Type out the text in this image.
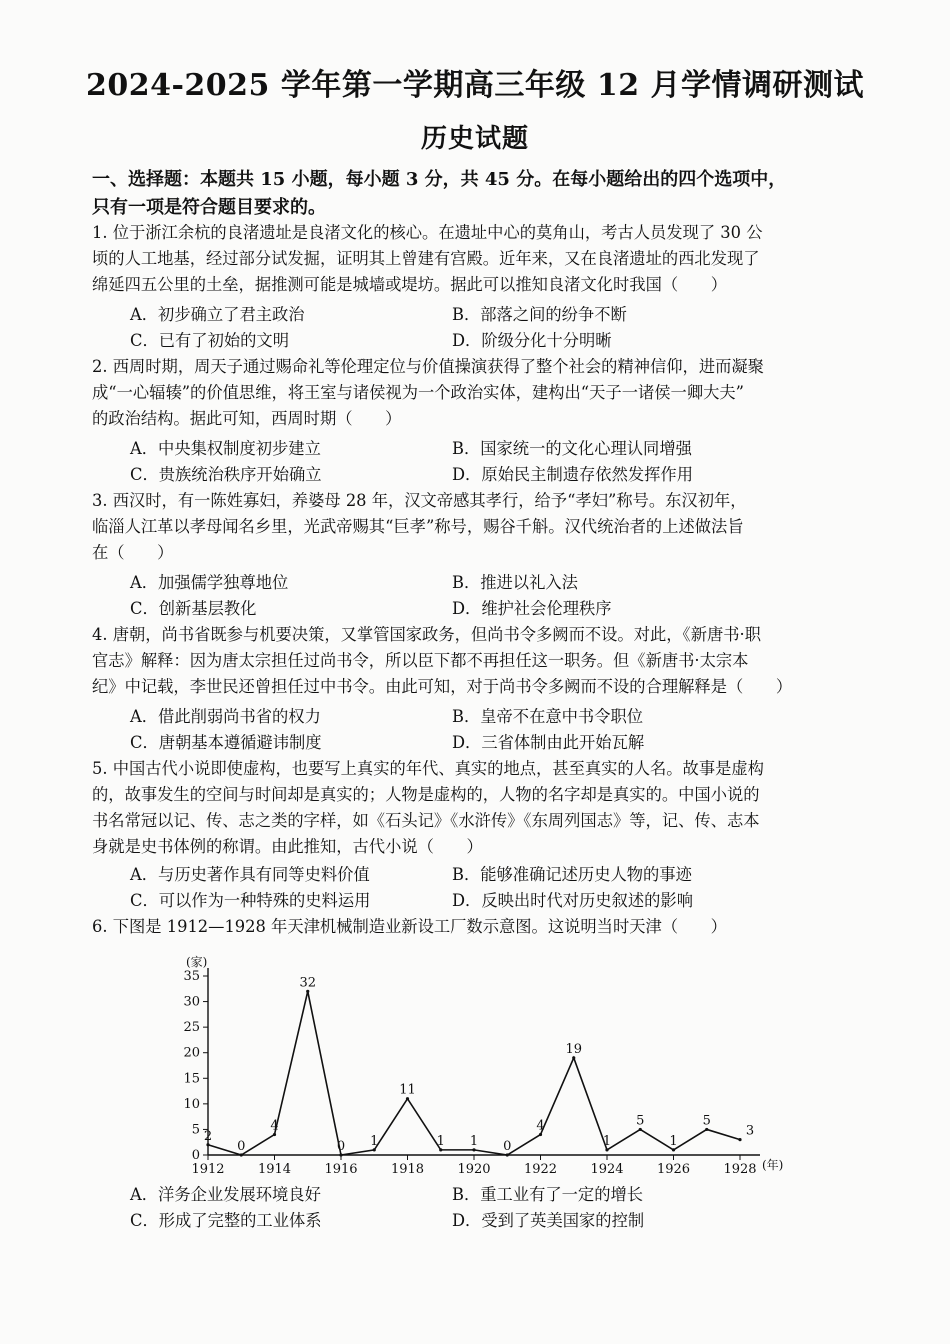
2024-2025 学年第一学期高三年级 12 月学情调研测试
历史试题
一、选择题：本题共 15 小题，每小题 3 分，共 45 分。在每小题给出的四个选项中，
只有一项是符合题目要求的。
1. 位于浙江余杭的良渚遗址是良渚文化的核心。在遗址中心的莫角山，考古人员发现了 30 公
顷的人工地基，经过部分试发掘，证明其上曾建有宫殿。近年来，又在良渚遗址的西北发现了
绵延四五公里的土垒，据推测可能是城墙或堤坊。据此可以推知良渚文化时我国（　　）
A．初步确立了君主政治	B．部落之间的纷争不断
C．已有了初始的文明	D．阶级分化十分明晰
2. 西周时期，周天子通过赐命礼等伦理定位与价值操演获得了整个社会的精神信仰，进而凝聚
成“一心辐辏”的价值思维，将王室与诸侯视为一个政治实体，建构出“天子一诸侯一卿大夫”
的政治结构。据此可知，西周时期（　　）
A．中央集权制度初步建立	B．国家统一的文化心理认同增强
C．贵族统治秩序开始确立	D．原始民主制遗存依然发挥作用
3. 西汉时，有一陈姓寡妇，养婆母 28 年，汉文帝感其孝行，给予“孝妇”称号。东汉初年，
临淄人江革以孝母闻名乡里，光武帝赐其“巨孝”称号，赐谷千斛。汉代统治者的上述做法旨
在（　　）
A．加强儒学独尊地位	B．推进以礼入法
C．创新基层教化	D．维护社会伦理秩序
4. 唐朝，尚书省既参与机要决策，又掌管国家政务，但尚书令多阙而不设。对此，《新唐书·职
官志》解释：因为唐太宗担任过尚书令，所以臣下都不再担任这一职务。但《新唐书·太宗本
纪》中记载，李世民还曾担任过中书令。由此可知，对于尚书令多阙而不设的合理解释是（　　）
A．借此削弱尚书省的权力	B．皇帝不在意中书令职位
C．唐朝基本遵循避讳制度	D．三省体制由此开始瓦解
5. 中国古代小说即使虚构，也要写上真实的年代、真实的地点，甚至真实的人名。故事是虚构
的，故事发生的空间与时间却是真实的；人物是虚构的，人物的名字却是真实的。中国小说的
书名常冠以记、传、志之类的字样，如《石头记》《水浒传》《东周列国志》等，记、传、志本
身就是史书体例的称谓。由此推知，古代小说（　　）
A．与历史著作具有同等史料价值	B．能够准确记述历史人物的事迹
C．可以作为一种特殊的史料运用	D．反映出时代对历史叙述的影响
6. 下图是 1912—1928 年天津机械制造业新设工厂数示意图。这说明当时天津（　　）
0
5
10
15
20
25
30
35
(家)
1912	1914	1916	1918	1920	1922	1924	1926	1928 (年)
2
0
4
32
0 1
11
1 1 0
4
19
1
5
1
5
3
A．洋务企业发展环境良好	B．重工业有了一定的增长
C．形成了完整的工业体系	D．受到了英美国家的控制
